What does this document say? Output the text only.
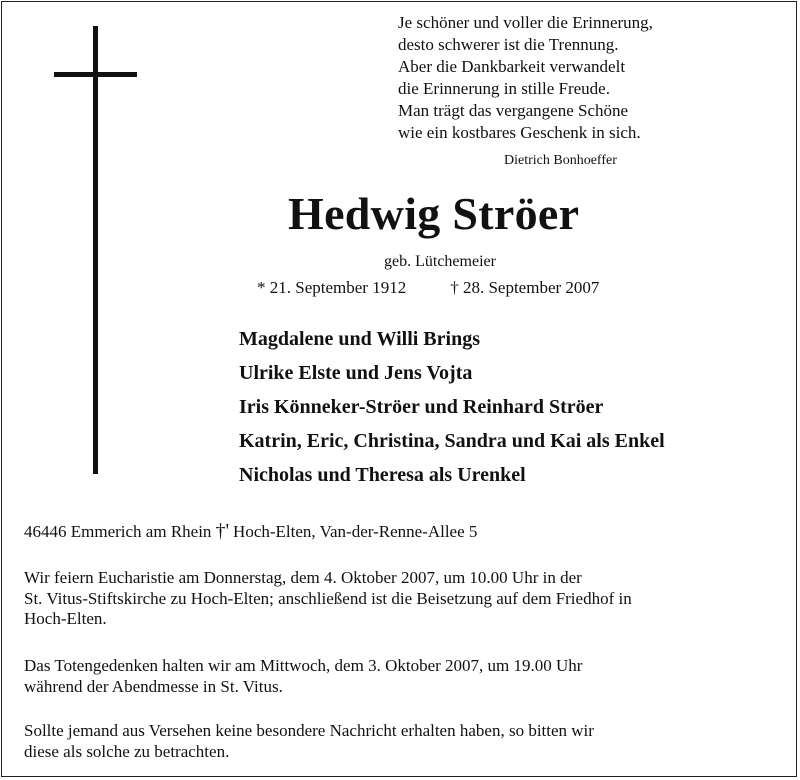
Je schöner und voller die Erinnerung,
desto schwerer ist die Trennung.
Aber die Dankbarkeit verwandelt
die Erinnerung in stille Freude.
Man trägt das vergangene Schöne
wie ein kostbares Geschenk in sich.
Dietrich Bonhoeffer
Hedwig Ströer
geb. Lütchemeier
* 21. September 1912	† 28. September 2007
Magdalene und Willi Brings
Ulrike Elste und Jens Vojta
Iris Könneker-Ströer und Reinhard Ströer
Katrin, Eric, Christina, Sandra und Kai als Enkel
Nicholas und Theresa als Urenkel
46446 Emmerich am Rhein †' Hoch-Elten, Van-der-Renne-Allee 5
Wir feiern Eucharistie am Donnerstag, dem 4. Oktober 2007, um 10.00 Uhr in der
St. Vitus-Stiftskirche zu Hoch-Elten; anschließend ist die Beisetzung auf dem Friedhof in
Hoch-Elten.
Das Totengedenken halten wir am Mittwoch, dem 3. Oktober 2007, um 19.00 Uhr
während der Abendmesse in St. Vitus.
Sollte jemand aus Versehen keine besondere Nachricht erhalten haben, so bitten wir
diese als solche zu betrachten.
